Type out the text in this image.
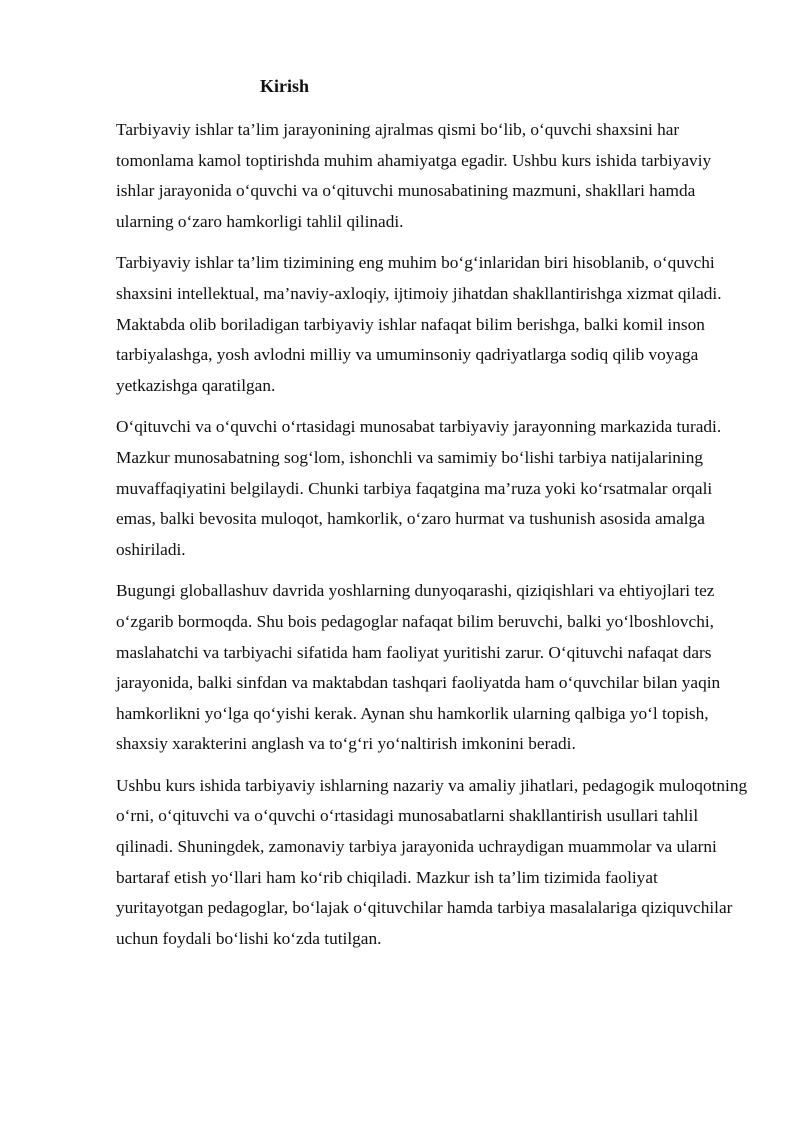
Kirish

Tarbiyaviy ishlar ta’lim jarayonining ajralmas qismi bo‘lib, o‘quvchi shaxsini har tomonlama kamol toptirishda muhim ahamiyatga egadir. Ushbu kurs ishida tarbiyaviy ishlar jarayonida o‘quvchi va o‘qituvchi munosabatining mazmuni, shakllari hamda ularning o‘zaro hamkorligi tahlil qilinadi.

Tarbiyaviy ishlar ta’lim tizimining eng muhim bo‘g‘inlaridan biri hisoblanib, o‘quvchi shaxsini intellektual, ma’naviy-axloqiy, ijtimoiy jihatdan shakllantirishga xizmat qiladi. Maktabda olib boriladigan tarbiyaviy ishlar nafaqat bilim berishga, balki komil inson tarbiyalashga, yosh avlodni milliy va umuminsoniy qadriyatlarga sodiq qilib voyaga yetkazishga qaratilgan.

O‘qituvchi va o‘quvchi o‘rtasidagi munosabat tarbiyaviy jarayonning markazida turadi. Mazkur munosabatning sog‘lom, ishonchli va samimiy bo‘lishi tarbiya natijalarining muvaffaqiyatini belgilaydi. Chunki tarbiya faqatgina ma’ruza yoki ko‘rsatmalar orqali emas, balki bevosita muloqot, hamkorlik, o‘zaro hurmat va tushunish asosida amalga oshiriladi.

Bugungi globallashuv davrida yoshlarning dunyoqarashi, qiziqishlari va ehtiyojlari tez o‘zgarib bormoqda. Shu bois pedagoglar nafaqat bilim beruvchi, balki yo‘lboshlovchi, maslahatchi va tarbiyachi sifatida ham faoliyat yuritishi zarur. O‘qituvchi nafaqat dars jarayonida, balki sinfdan va maktabdan tashqari faoliyatda ham o‘quvchilar bilan yaqin hamkorlikni yo‘lga qo‘yishi kerak. Aynan shu hamkorlik ularning qalbiga yo‘l topish, shaxsiy xarakterini anglash va to‘g‘ri yo‘naltirish imkonini beradi.

Ushbu kurs ishida tarbiyaviy ishlarning nazariy va amaliy jihatlari, pedagogik muloqotning o‘rni, o‘qituvchi va o‘quvchi o‘rtasidagi munosabatlarni shakllantirish usullari tahlil qilinadi. Shuningdek, zamonaviy tarbiya jarayonida uchraydigan muammolar va ularni bartaraf etish yo‘llari ham ko‘rib chiqiladi. Mazkur ish ta’lim tizimida faoliyat yuritayotgan pedagoglar, bo‘lajak o‘qituvchilar hamda tarbiya masalalariga qiziquvchilar uchun foydali bo‘lishi ko‘zda tutilgan.
